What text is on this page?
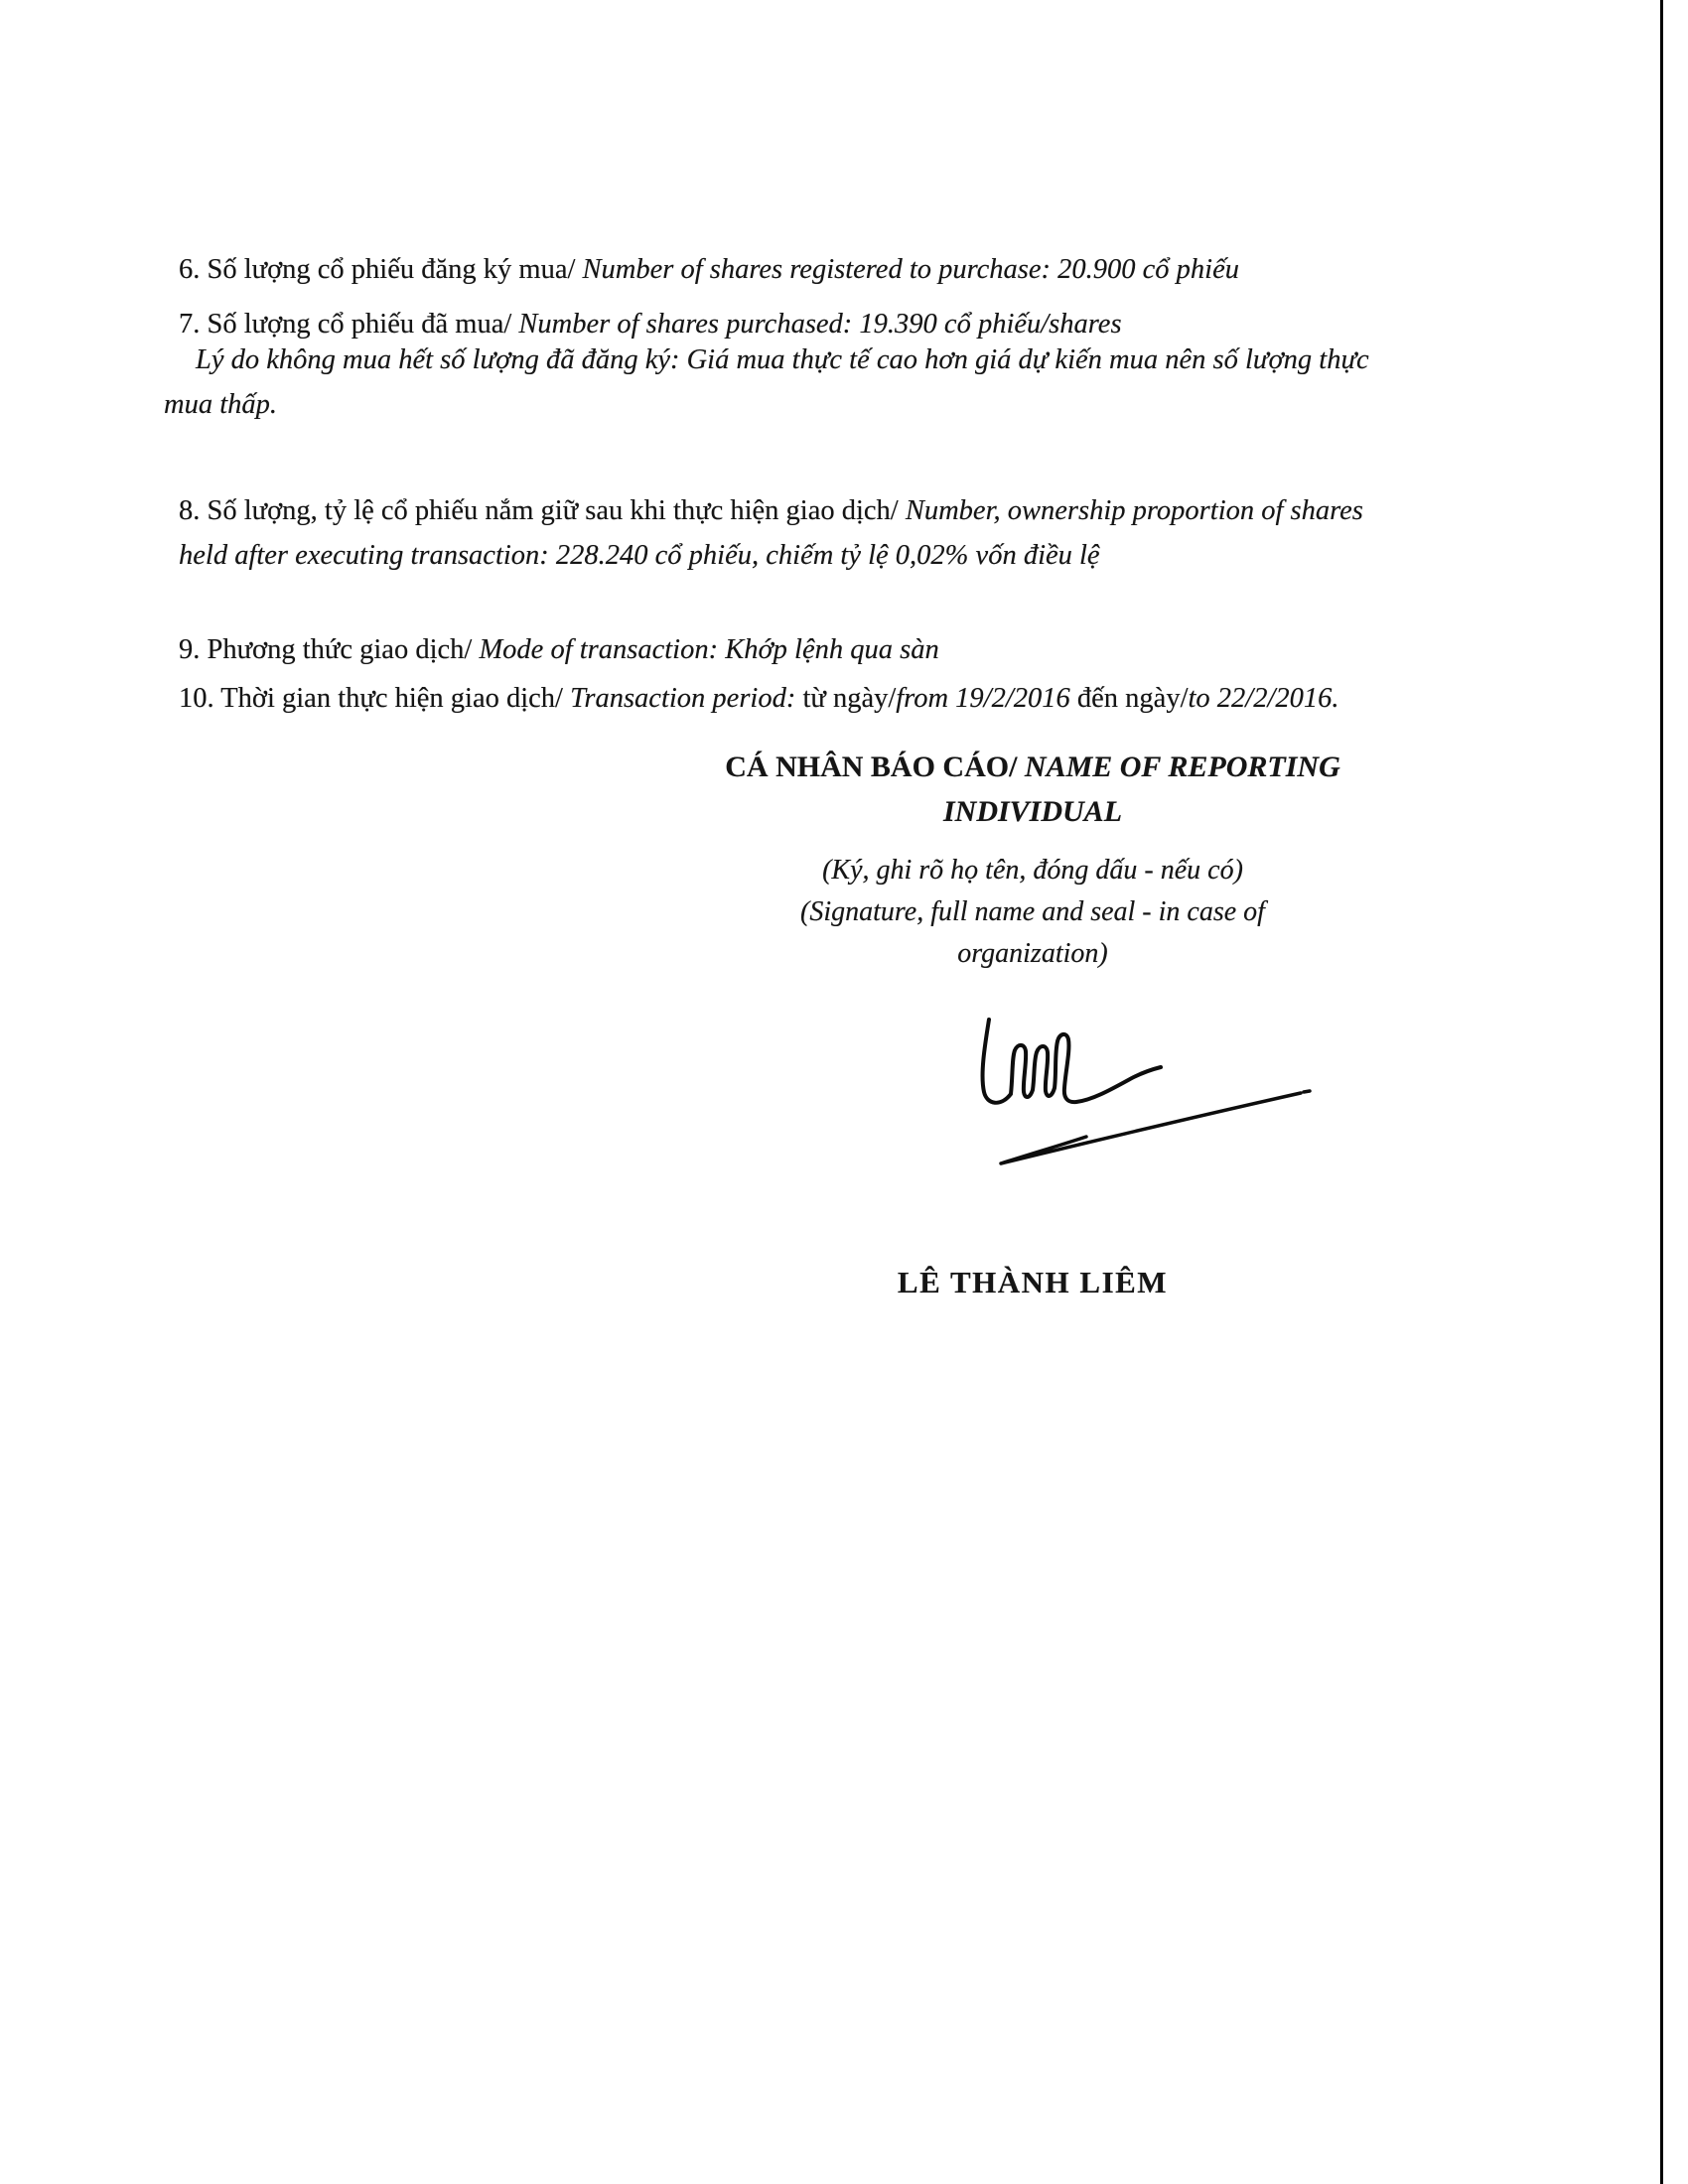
6. Số lượng cổ phiếu đăng ký mua/ Number of shares registered to purchase: 20.900 cổ phiếu

7. Số lượng cổ phiếu đã mua/ Number of shares purchased: 19.390 cổ phiếu/shares

Lý do không mua hết số lượng đã đăng ký: Giá mua thực tế cao hơn giá dự kiến mua nên số lượng thực
mua thấp.
8. Số lượng, tỷ lệ cổ phiếu nắm giữ sau khi thực hiện giao dịch/ Number, ownership proportion of shares
held after executing transaction: 228.240 cổ phiếu, chiếm tỷ lệ 0,02% vốn điều lệ

9. Phương thức giao dịch/ Mode of transaction: Khớp lệnh qua sàn

10. Thời gian thực hiện giao dịch/ Transaction period: từ ngày/from 19/2/2016 đến ngày/to 22/2/2016.

CÁ NHÂN BÁO CÁO/ NAME OF REPORTING
INDIVIDUAL
(Ký, ghi rõ họ tên, đóng dấu - nếu có)
(Signature, full name and seal - in case of
organization)
LÊ THÀNH LIÊM
